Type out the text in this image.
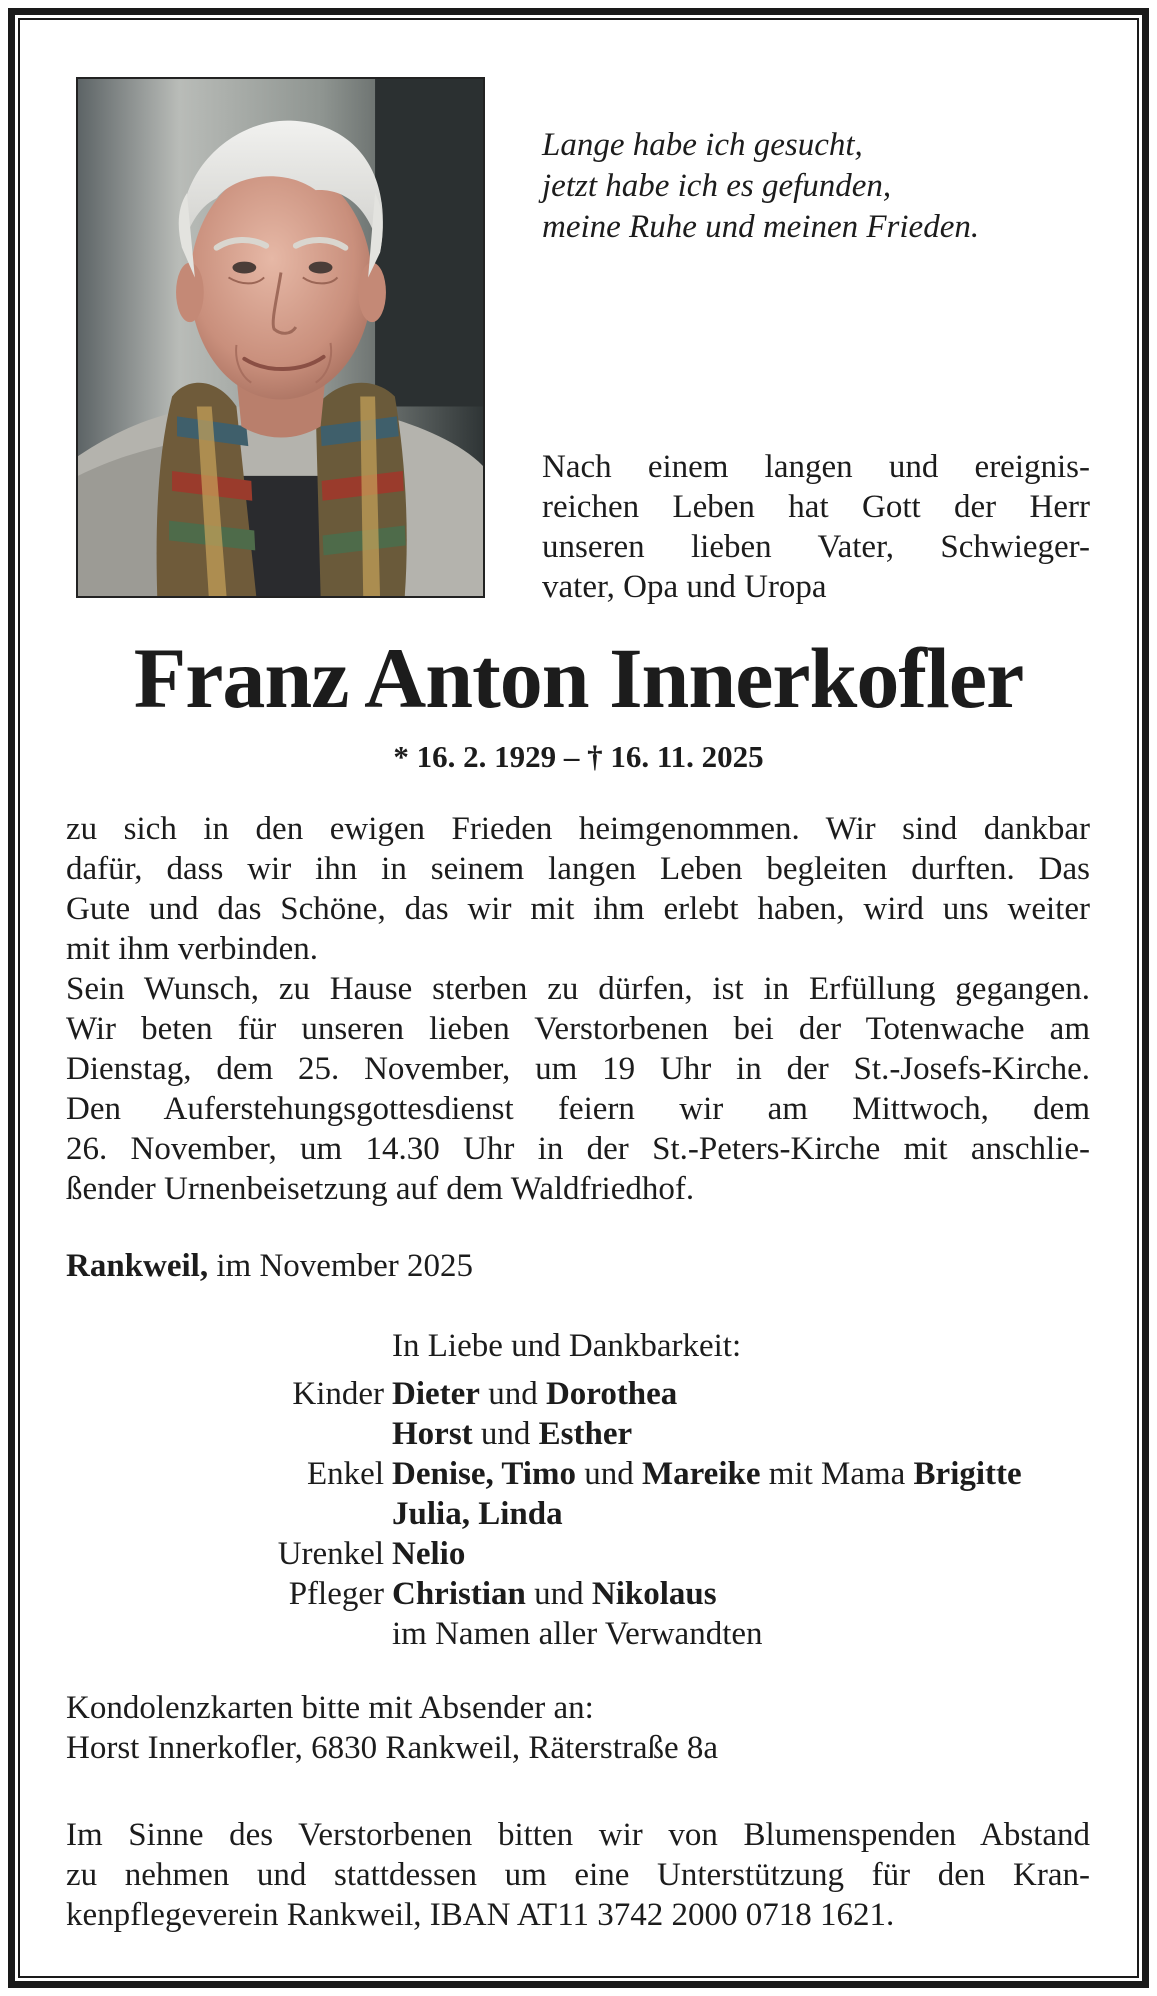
Lange habe ich gesucht,
jetzt habe ich es gefunden,
meine Ruhe und meinen Frieden.
Nach einem langen und ereignis-
reichen Leben hat Gott der Herr
unseren lieben Vater, Schwieger-
vater, Opa und Uropa
Franz Anton Innerkofler
* 16. 2. 1929 – † 16. 11. 2025
zu sich in den ewigen Frieden heimgenommen. Wir sind dankbar
dafür, dass wir ihn in seinem langen Leben begleiten durften. Das
Gute und das Schöne, das wir mit ihm erlebt haben, wird uns weiter
mit ihm verbinden.
Sein Wunsch, zu Hause sterben zu dürfen, ist in Erfüllung gegangen.
Wir beten für unseren lieben Verstorbenen bei der Totenwache am
Dienstag, dem 25. November, um 19 Uhr in der St.-Josefs-Kirche.
Den Auferstehungsgottesdienst feiern wir am Mittwoch, dem
26. November, um 14.30 Uhr in der St.-Peters-Kirche mit anschlie-
ßender Urnenbeisetzung auf dem Waldfriedhof.
Rankweil, im November 2025
In Liebe und Dankbarkeit:
Kinder Dieter und Dorothea
Horst und Esther
Enkel Denise, Timo und Mareike mit Mama Brigitte
Julia, Linda
Urenkel Nelio
Pfleger Christian und Nikolaus
im Namen aller Verwandten
Kondolenzkarten bitte mit Absender an:
Horst Innerkofler, 6830 Rankweil, Räterstraße 8a
Im Sinne des Verstorbenen bitten wir von Blumenspenden Abstand
zu nehmen und stattdessen um eine Unterstützung für den Kran-
kenpflegeverein Rankweil, IBAN AT11 3742 2000 0718 1621.
